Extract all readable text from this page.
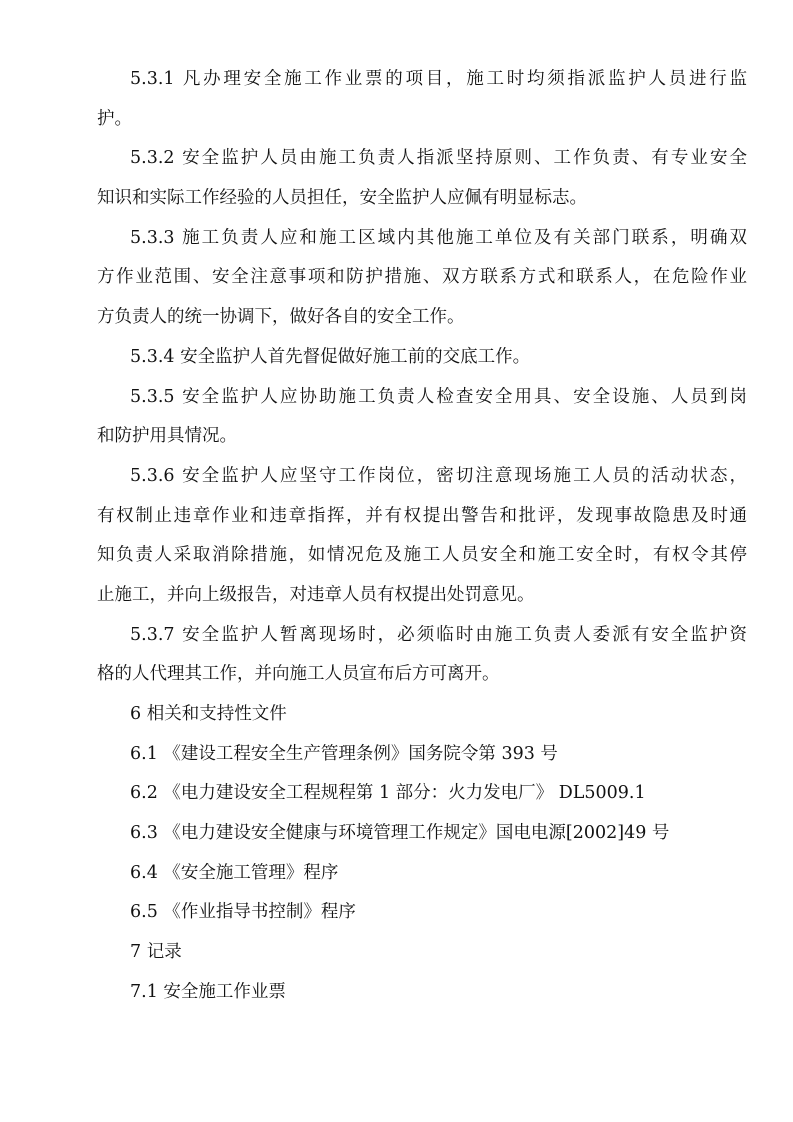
5.3.1 凡办理安全施工作业票的项目，施工时均须指派监护人员进行监
护。
5.3.2 安全监护人员由施工负责人指派坚持原则、工作负责、有专业安全
知识和实际工作经验的人员担任，安全监护人应佩有明显标志。
5.3.3 施工负责人应和施工区域内其他施工单位及有关部门联系，明确双
方作业范围、安全注意事项和防护措施、双方联系方式和联系人，在危险作业
方负责人的统一协调下，做好各自的安全工作。
5.3.4 安全监护人首先督促做好施工前的交底工作。
5.3.5 安全监护人应协助施工负责人检查安全用具、安全设施、人员到岗
和防护用具情况。
5.3.6 安全监护人应坚守工作岗位，密切注意现场施工人员的活动状态，
有权制止违章作业和违章指挥，并有权提出警告和批评，发现事故隐患及时通
知负责人采取消除措施，如情况危及施工人员安全和施工安全时，有权令其停
止施工，并向上级报告，对违章人员有权提出处罚意见。
5.3.7 安全监护人暂离现场时，必须临时由施工负责人委派有安全监护资
格的人代理其工作，并向施工人员宣布后方可离开。
6 相关和支持性文件
6.1 《建设工程安全生产管理条例》国务院令第 393 号
6.2 《电力建设安全工程规程第 1 部分：火力发电厂》 DL5009.1
6.3 《电力建设安全健康与环境管理工作规定》国电电源[2002]49 号
6.4 《安全施工管理》程序
6.5 《作业指导书控制》程序
7 记录
7.1 安全施工作业票
